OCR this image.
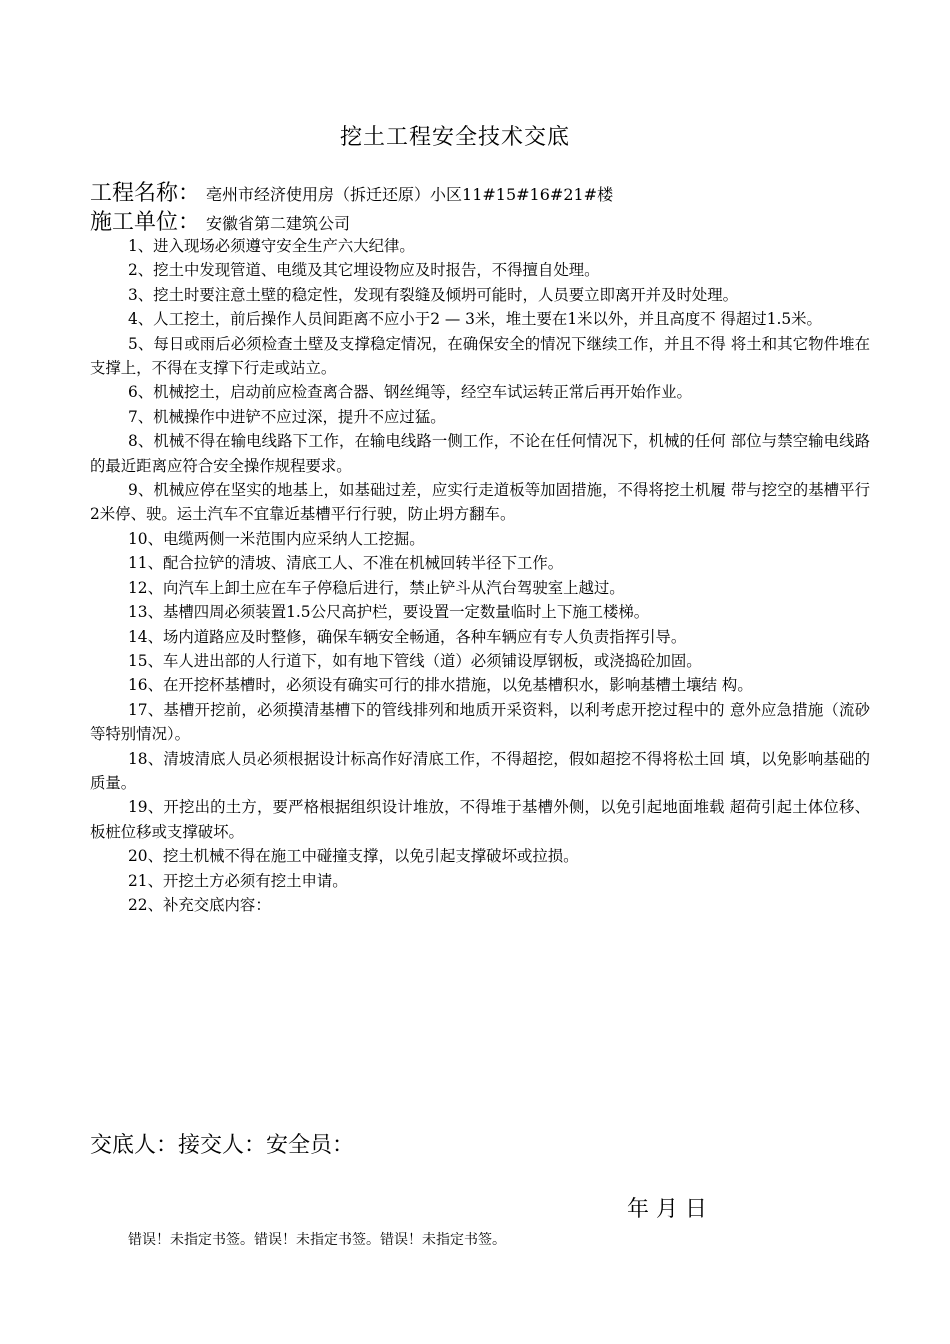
挖土工程安全技术交底
工程名称： 亳州市经济使用房（拆迁还原）小区11#15#16#21#楼
施工单位： 安徽省第二建筑公司

1、进入现场必须遵守安全生产六大纪律。

2、挖土中发现管道、电缆及其它埋设物应及时报告，不得擅自处理。

3、挖土时要注意土壁的稳定性，发现有裂缝及倾坍可能时，人员要立即离开并及时处理。

4、人工挖土，前后操作人员间距离不应小于2 — 3米，堆土要在1米以外，并且高度不 得超过1.5米。

5、每日或雨后必须检查土壁及支撑稳定情况，在确保安全的情况下继续工作，并且不得 将土和其它物件堆在支撑上，不得在支撑下行走或站立。

6、机械挖土，启动前应检查离合器、钢丝绳等，经空车试运转正常后再开始作业。

7、机械操作中进铲不应过深，提升不应过猛。

8、机械不得在输电线路下工作，在输电线路一侧工作，不论在任何情况下，机械的任何 部位与禁空输电线路的最近距离应符合安全操作规程要求。

9、机械应停在坚实的地基上，如基础过差，应实行走道板等加固措施，不得将挖土机履 带与挖空的基槽平行2米停、驶。运土汽车不宜靠近基槽平行行驶，防止坍方翻车。

10、电缆两侧一米范围内应采纳人工挖掘。

11、配合拉铲的清坡、清底工人、不准在机械回转半径下工作。

12、向汽车上卸土应在车子停稳后进行，禁止铲斗从汽台驾驶室上越过。

13、基槽四周必须装置1.5公尺高护栏，要设置一定数量临时上下施工楼梯。

14、场内道路应及时整修，确保车辆安全畅通，各种车辆应有专人负责指挥引导。

15、车人进出部的人行道下，如有地下管线（道）必须铺设厚钢板，或浇捣砼加固。

16、在开挖杯基槽时，必须设有确实可行的排水措施，以免基槽积水，影响基槽土壤结 构。

17、基槽开挖前，必须摸清基槽下的管线排列和地质开采资料，以利考虑开挖过程中的 意外应急措施（流砂等特别情况）。

18、清坡清底人员必须根据设计标高作好清底工作，不得超挖，假如超挖不得将松土回 填，以免影响基础的质量。

19、开挖出的土方，要严格根据组织设计堆放，不得堆于基槽外侧，以免引起地面堆载 超荷引起土体位移、板桩位移或支撑破坏。

20、挖土机械不得在施工中碰撞支撑，以免引起支撑破坏或拉损。

21、开挖土方必须有挖土申请。

22、补充交底内容：

交底人：接交人：安全员：
年 月 日
错误！未指定书签。错误！未指定书签。错误！未指定书签。
